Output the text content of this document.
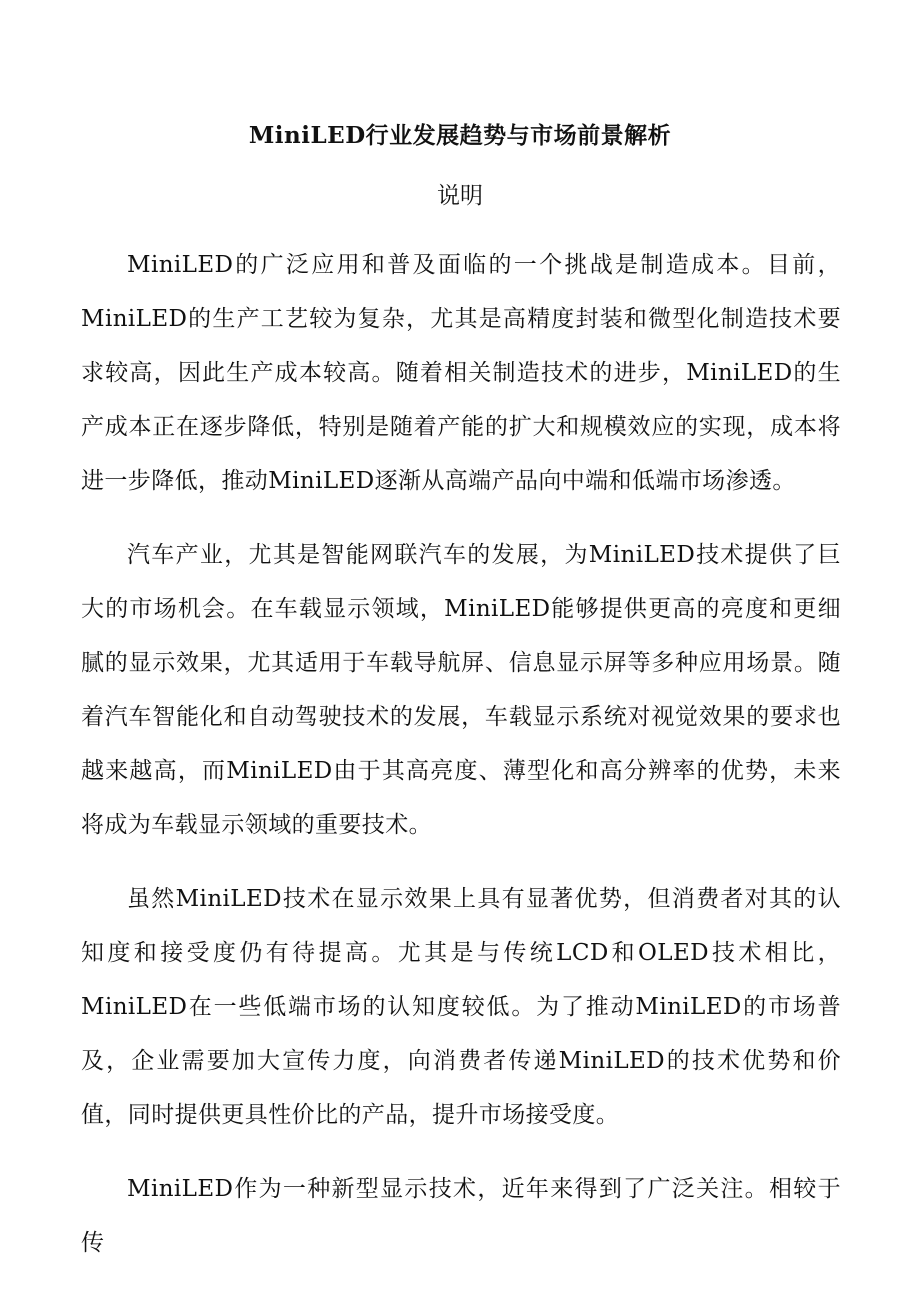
MiniLED行业发展趋势与市场前景解析
说明

MiniLED的广泛应用和普及面临的一个挑战是制造成本。目前，MiniLED的生产工艺较为复杂，尤其是高精度封装和微型化制造技术要求较高，因此生产成本较高。随着相关制造技术的进步，MiniLED的生产成本正在逐步降低，特别是随着产能的扩大和规模效应的实现，成本将进一步降低，推动MiniLED逐渐从高端产品向中端和低端市场渗透。

汽车产业，尤其是智能网联汽车的发展，为MiniLED技术提供了巨大的市场机会。在车载显示领域，MiniLED能够提供更高的亮度和更细腻的显示效果，尤其适用于车载导航屏、信息显示屏等多种应用场景。随着汽车智能化和自动驾驶技术的发展，车载显示系统对视觉效果的要求也越来越高，而MiniLED由于其高亮度、薄型化和高分辨率的优势，未来将成为车载显示领域的重要技术。

虽然MiniLED技术在显示效果上具有显著优势，但消费者对其的认知度和接受度仍有待提高。尤其是与传统LCD和OLED技术相比，MiniLED在一些低端市场的认知度较低。为了推动MiniLED的市场普及，企业需要加大宣传力度，向消费者传递MiniLED的技术优势和价值，同时提供更具性价比的产品，提升市场接受度。

MiniLED作为一种新型显示技术，近年来得到了广泛关注。相较于传
